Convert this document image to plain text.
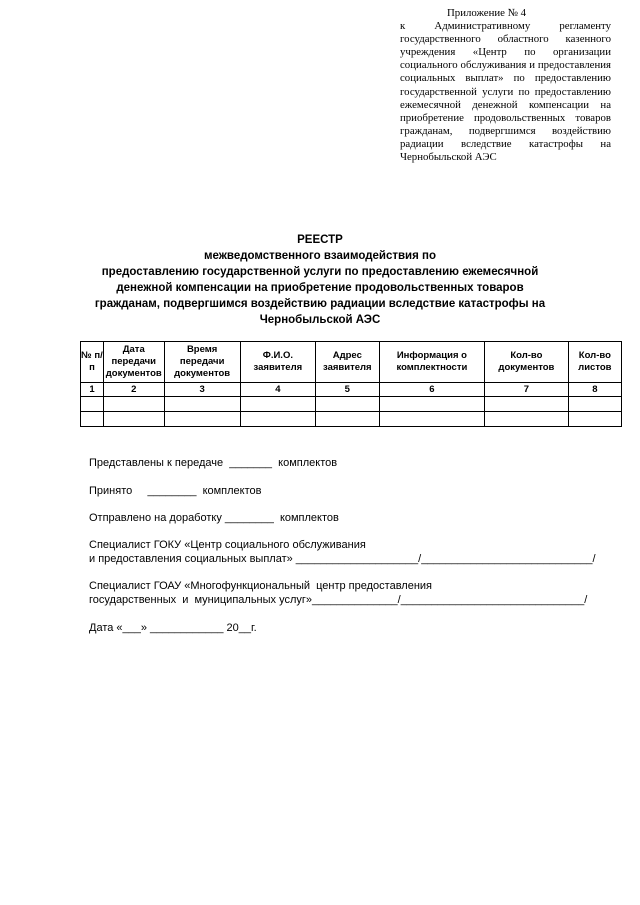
Приложение № 4
к Административному регламенту государственного областного казенного учреждения «Центр по организации социального обслуживания и предоставления социальных выплат» по предоставлению государственной услуги по предоставлению ежемесячной денежной компенсации на приобретение продовольственных товаров гражданам, подвергшимся воздействию радиации вследствие катастрофы на Чернобыльской АЭС
РЕЕСТР
межведомственного взаимодействия по
предоставлению государственной услуги по предоставлению ежемесячной
денежной компенсации на приобретение продовольственных товаров
гражданам, подвергшимся воздействию радиации вследствие катастрофы на
Чернобыльской АЭС
№ п/ п	Дата передачи документов	Время передачи документов	Ф.И.О. заявителя	Адрес заявителя	Информация о комплектности	Кол-во документов	Кол-во листов
1	2	3	4	5	6	7	8

Представлены к передаче  _______  комплектов
Принято     ________  комплектов
Отправлено на доработку ________  комплектов
Специалист ГОКУ «Центр социального обслуживания
и предоставления социальных выплат» ____________________/____________________________/
Специалист ГОАУ «Многофункциональный  центр предоставления
государственных  и  муниципальных услуг»______________/______________________________/
Дата «___» ____________ 20__г.
